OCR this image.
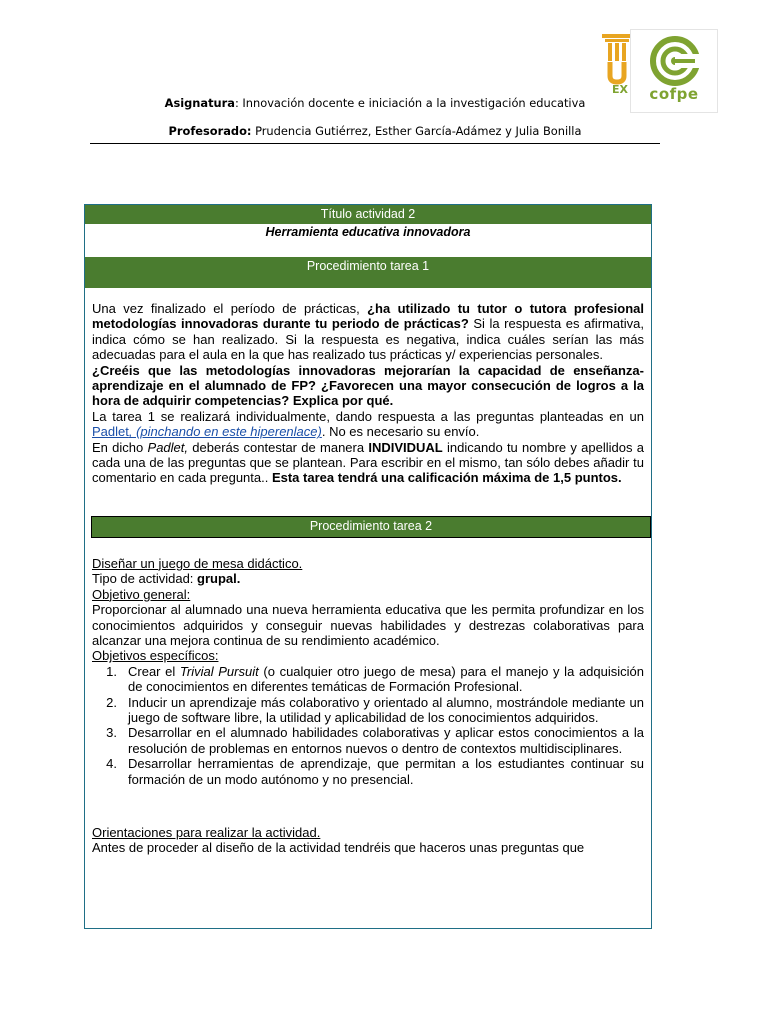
EX	cofpe

Asignatura: Innovación docente e iniciación a la investigación educativa

Profesorado: Prudencia Gutiérrez, Esther García-Adámez y Julia Bonilla

Título actividad 2
Herramienta educativa innovadora
Procedimiento tarea 1

Una vez finalizado el período de prácticas, ¿ha utilizado tu tutor o tutora profesional metodologías innovadoras durante tu periodo de prácticas? Si la respuesta es afirmativa, indica cómo se han realizado. Si la respuesta es negativa, indica cuáles serían las más adecuadas para el aula en la que has realizado tus prácticas y/ experiencias personales.

¿Creéis que las metodologías innovadoras mejorarían la capacidad de enseñanza-aprendizaje en el alumnado de FP? ¿Favorecen una mayor consecución de logros a la hora de adquirir competencias? Explica por qué.

La tarea 1 se realizará individualmente, dando respuesta a las preguntas planteadas en un Padlet, (pinchando en este hiperenlace). No es necesario su envío.

En dicho Padlet, deberás contestar de manera INDIVIDUAL indicando tu nombre y apellidos a cada una de las preguntas que se plantean. Para escribir en el mismo, tan sólo debes añadir tu comentario en cada pregunta.. Esta tarea tendrá una calificación máxima de 1,5 puntos.

Procedimiento tarea 2

Diseñar un juego de mesa didáctico.

Tipo de actividad: grupal.

Objetivo general:

Proporcionar al alumnado una nueva herramienta educativa que les permita profundizar en los conocimientos adquiridos y conseguir nuevas habilidades y destrezas colaborativas para alcanzar una mejora continua de su rendimiento académico.

Objetivos específicos:

1. Crear el Trivial Pursuit (o cualquier otro juego de mesa) para el manejo y la adquisición de conocimientos en diferentes temáticas de Formación Profesional.
2. Inducir un aprendizaje más colaborativo y orientado al alumno, mostrándole mediante un juego de software libre, la utilidad y aplicabilidad de los conocimientos adquiridos.
3. Desarrollar en el alumnado habilidades colaborativas y aplicar estos conocimientos a la resolución de problemas en entornos nuevos o dentro de contextos multidisciplinares.
4. Desarrollar herramientas de aprendizaje, que permitan a los estudiantes continuar su formación de un modo autónomo y no presencial.

Orientaciones para realizar la actividad.

Antes de proceder al diseño de la actividad tendréis que haceros unas preguntas que
